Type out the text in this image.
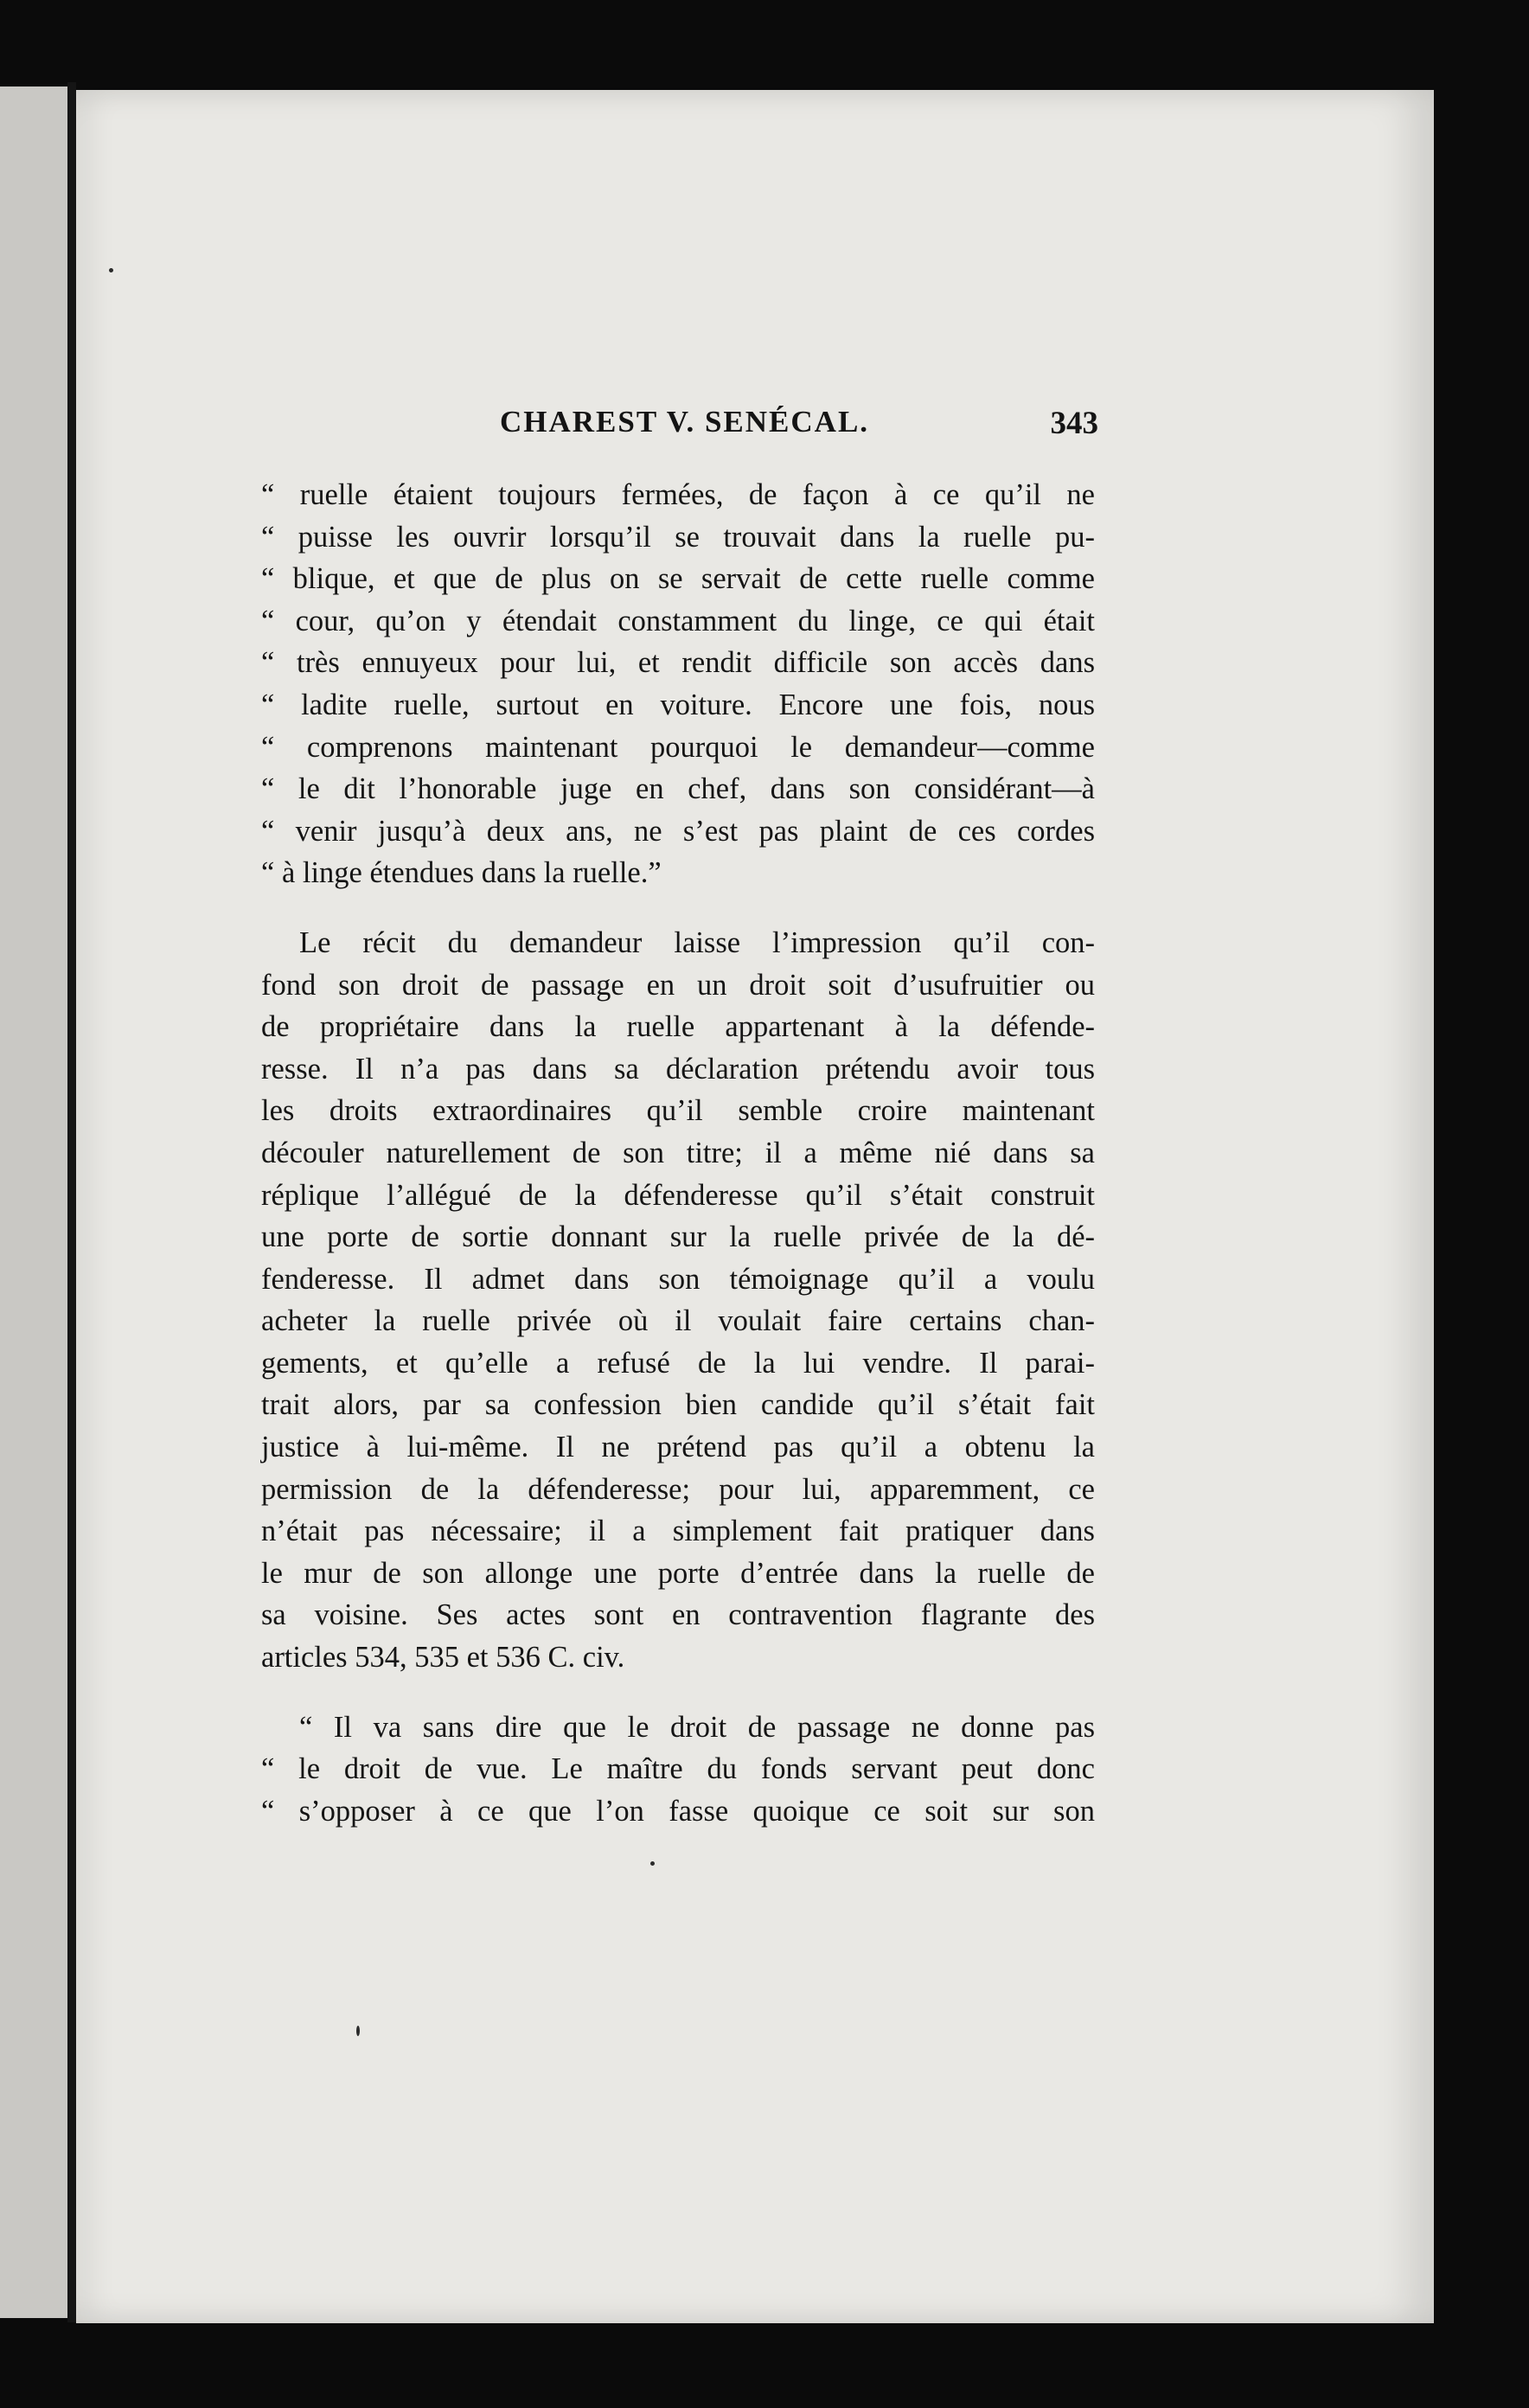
CHAREST V. SENÉCAL.	343
“ ruelle étaient toujours fermées, de façon à ce qu’il ne
“ puisse les ouvrir lorsqu’il se trouvait dans la ruelle pu-
“ blique, et que de plus on se servait de cette ruelle comme
“ cour, qu’on y étendait constamment du linge, ce qui était
“ très ennuyeux pour lui, et rendit difficile son accès dans
“ ladite ruelle, surtout en voiture. Encore une fois, nous
“ comprenons maintenant pourquoi le demandeur—comme
“ le dit l’honorable juge en chef, dans son considérant—à
“ venir jusqu’à deux ans, ne s’est pas plaint de ces cordes
“ à linge étendues dans la ruelle.”
Le récit du demandeur laisse l’impression qu’il con-
fond son droit de passage en un droit soit d’usufruitier ou
de propriétaire dans la ruelle appartenant à la défende-
resse. Il n’a pas dans sa déclaration prétendu avoir tous
les droits extraordinaires qu’il semble croire maintenant
découler naturellement de son titre; il a même nié dans sa
réplique l’allégué de la défenderesse qu’il s’était construit
une porte de sortie donnant sur la ruelle privée de la dé-
fenderesse. Il admet dans son témoignage qu’il a voulu
acheter la ruelle privée où il voulait faire certains chan-
gements, et qu’elle a refusé de la lui vendre. Il parai-
trait alors, par sa confession bien candide qu’il s’était fait
justice à lui-même. Il ne prétend pas qu’il a obtenu la
permission de la défenderesse; pour lui, apparemment, ce
n’était pas nécessaire; il a simplement fait pratiquer dans
le mur de son allonge une porte d’entrée dans la ruelle de
sa voisine. Ses actes sont en contravention flagrante des
articles 534, 535 et 536 C. civ.
“ Il va sans dire que le droit de passage ne donne pas
“ le droit de vue. Le maître du fonds servant peut donc
“ s’opposer à ce que l’on fasse quoique ce soit sur son
